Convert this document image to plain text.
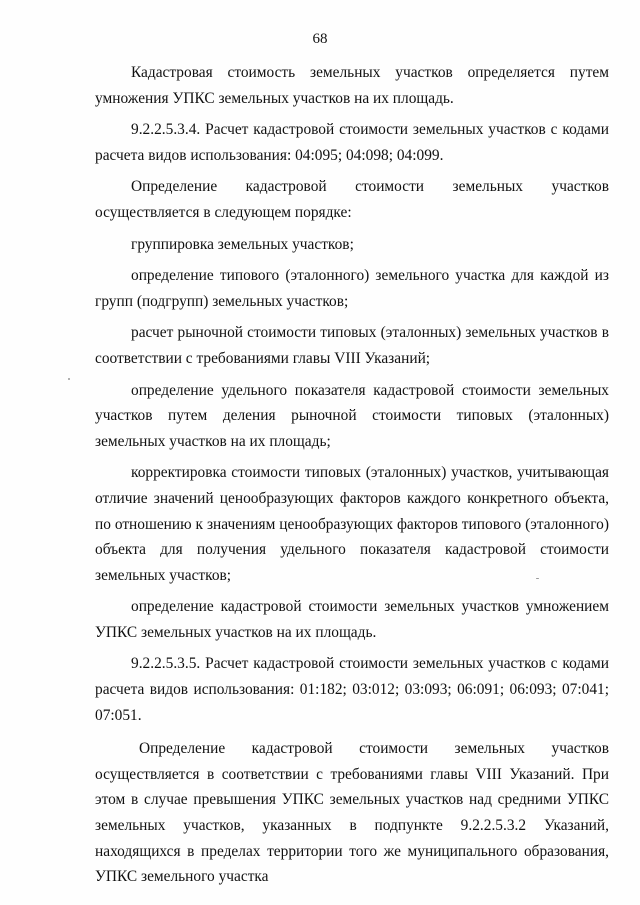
68

Кадастровая стоимость земельных участков определяется путем умножения УПКС земельных участков на их площадь.

9.2.2.5.3.4. Расчет кадастровой стоимости земельных участков с кодами расчета видов использования: 04:095; 04:098; 04:099.

Определение кадастровой стоимости земельных участков осуществляется в следующем порядке:

группировка земельных участков;

определение типового (эталонного) земельного участка для каждой из групп (подгрупп) земельных участков;

расчет рыночной стоимости типовых (эталонных) земельных участков в соответствии с требованиями главы VIII Указаний;

определение удельного показателя кадастровой стоимости земельных участков путем деления рыночной стоимости типовых (эталонных) земельных участков на их площадь;

корректировка стоимости типовых (эталонных) участков, учитывающая отличие значений ценообразующих факторов каждого конкретного объекта, по отношению к значениям ценообразующих факторов типового (эталонного) объекта для получения удельного показателя кадастровой стоимости земельных участков;

определение кадастровой стоимости земельных участков умножением УПКС земельных участков на их площадь.

9.2.2.5.3.5. Расчет кадастровой стоимости земельных участков с кодами расчета видов использования: 01:182; 03:012; 03:093; 06:091; 06:093; 07:041; 07:051.

Определение кадастровой стоимости земельных участков осуществляется в соответствии с требованиями главы VIII Указаний. При этом в случае превышения УПКС земельных участков над средними УПКС земельных участков, указанных в подпункте 9.2.2.5.3.2 Указаний, находящихся в пределах территории того же муниципального образования, УПКС земельного участка
